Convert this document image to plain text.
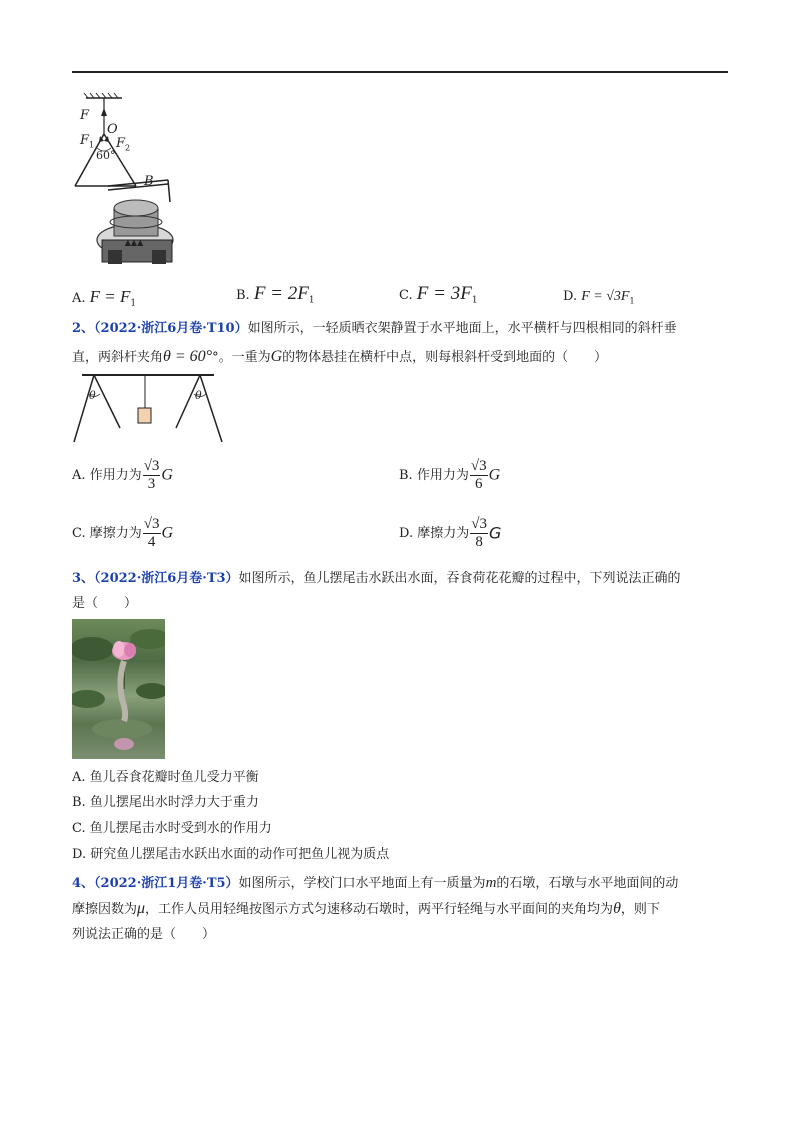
▲▲▲
F
O
$F_1$ $F_2$
60°
B
A. $F = F_1$
B. $F = 2F_1$	C. $F = 3F_1$	D. $F = √3F_1$
2、（2022·浙江6月卷·T10）如图所示，一轻质晒衣架静置于水平地面上，水平横杆与四根相同的斜杆垂
直，两斜杆夹角θ = 60°°。一重为G的物体悬挂在横杆中点，则每根斜杆受到地面的（　　）
θ	θ
A. 作用力为 $\frac{√3}{3}$ G	B. 作用力为 $\frac{√3}{6}$ G
C. 摩擦力为 $\frac{√3}{4}$ G	D. 摩擦力为 $\frac{√3}{8}$ G
3、（2022·浙江6月卷·T3）如图所示，鱼儿摆尾击水跃出水面，吞食荷花花瓣的过程中，下列说法正确的
是（　　）
A. 鱼儿吞食花瓣时鱼儿受力平衡
B. 鱼儿摆尾出水时浮力大于重力
C. 鱼儿摆尾击水时受到水的作用力
D. 研究鱼儿摆尾击水跃出水面的动作可把鱼儿视为质点
4、（2022·浙江1月卷·T5）如图所示，学校门口水平地面上有一质量为m的石墩，石墩与水平地面间的动
摩擦因数为μ，工作人员用轻绳按图示方式匀速移动石墩时，两平行轻绳与水平面间的夹角均为θ，则下
列说法正确的是（　　）
